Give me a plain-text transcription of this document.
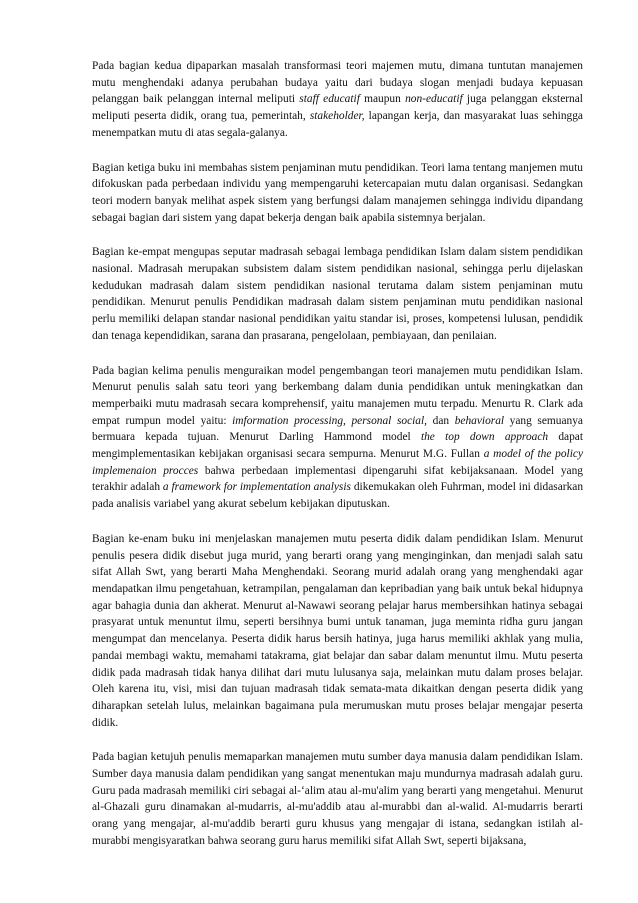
Pada bagian kedua dipaparkan masalah transformasi teori majemen mutu, dimana tuntutan manajemen mutu menghendaki adanya perubahan budaya yaitu dari budaya slogan menjadi budaya kepuasan pelanggan baik pelanggan internal meliputi staff educatif maupun non-educatif juga pelanggan eksternal meliputi peserta didik, orang tua, pemerintah, stakeholder, lapangan kerja, dan masyarakat luas sehingga menempatkan mutu di atas segala-galanya.

Bagian ketiga buku ini membahas sistem penjaminan mutu pendidikan. Teori lama tentang manjemen mutu difokuskan pada perbedaan individu yang mempengaruhi ketercapaian mutu dalan organisasi. Sedangkan teori modern banyak melihat aspek sistem yang berfungsi dalam manajemen sehingga individu dipandang sebagai bagian dari sistem yang dapat bekerja dengan baik apabila sistemnya berjalan.

Bagian ke-empat mengupas seputar madrasah sebagai lembaga pendidikan Islam dalam sistem pendidikan nasional. Madrasah merupakan subsistem dalam sistem pendidikan nasional, sehingga perlu dijelaskan kedudukan madrasah dalam sistem pendidikan nasional terutama dalam sistem penjaminan mutu pendidikan. Menurut penulis Pendidikan madrasah dalam sistem penjaminan mutu pendidikan nasional perlu memiliki delapan standar nasional pendidikan yaitu standar isi, proses, kompetensi lulusan, pendidik dan tenaga kependidikan, sarana dan prasarana, pengelolaan, pembiayaan, dan penilaian.

Pada bagian kelima penulis menguraikan model pengembangan teori manajemen mutu pendidikan Islam. Menurut penulis salah satu teori yang berkembang dalam dunia pendidikan untuk meningkatkan dan memperbaiki mutu madrasah secara komprehensif, yaitu manajemen mutu terpadu. Menurtu R. Clark ada empat rumpun model yaitu: imformation processing, personal social, dan behavioral yang semuanya bermuara kepada tujuan. Menurut Darling Hammond model the top down approach dapat mengimplementasikan kebijakan organisasi secara sempurna. Menurut M.G. Fullan a model of the policy implemenaion procces bahwa perbedaan implementasi dipengaruhi sifat kebijaksanaan. Model yang terakhir adalah a framework for implementation analysis dikemukakan oleh Fuhrman, model ini didasarkan pada analisis variabel yang akurat sebelum kebijakan diputuskan.

Bagian ke-enam buku ini menjelaskan manajemen mutu peserta didik dalam pendidikan Islam. Menurut penulis pesera didik disebut juga murid, yang berarti orang yang menginginkan, dan menjadi salah satu sifat Allah Swt, yang berarti Maha Menghendaki. Seorang murid adalah orang yang menghendaki agar mendapatkan ilmu pengetahuan, ketrampilan, pengalaman dan kepribadian yang baik untuk bekal hidupnya agar bahagia dunia dan akherat. Menurut al-Nawawi seorang pelajar harus membersihkan hatinya sebagai prasyarat untuk menuntut ilmu, seperti bersihnya bumi untuk tanaman, juga meminta ridha guru jangan mengumpat dan mencelanya. Peserta didik harus bersih hatinya, juga harus memiliki akhlak yang mulia, pandai membagi waktu, memahami tatakrama, giat belajar dan sabar dalam menuntut ilmu. Mutu peserta didik pada madrasah tidak hanya dilihat dari mutu lulusanya saja, melainkan mutu dalam proses belajar. Oleh karena itu, visi, misi dan tujuan madrasah tidak semata-mata dikaitkan dengan peserta didik yang diharapkan setelah lulus, melainkan bagaimana pula merumuskan mutu proses belajar mengajar peserta didik.

Pada bagian ketujuh penulis memaparkan manajemen mutu sumber daya manusia dalam pendidikan Islam. Sumber daya manusia dalam pendidikan yang sangat menentukan maju mundurnya madrasah adalah guru. Guru pada madrasah memiliki ciri sebagai al-‘alim atau al-mu'alim yang berarti yang mengetahui. Menurut al-Ghazali guru dinamakan al-mudarris, al-mu'addib atau al-murabbi dan al-walid. Al-mudarris berarti orang yang mengajar, al-mu'addib berarti guru khusus yang mengajar di istana, sedangkan istilah al-murabbi mengisyaratkan bahwa seorang guru harus memiliki sifat Allah Swt, seperti bijaksana,
